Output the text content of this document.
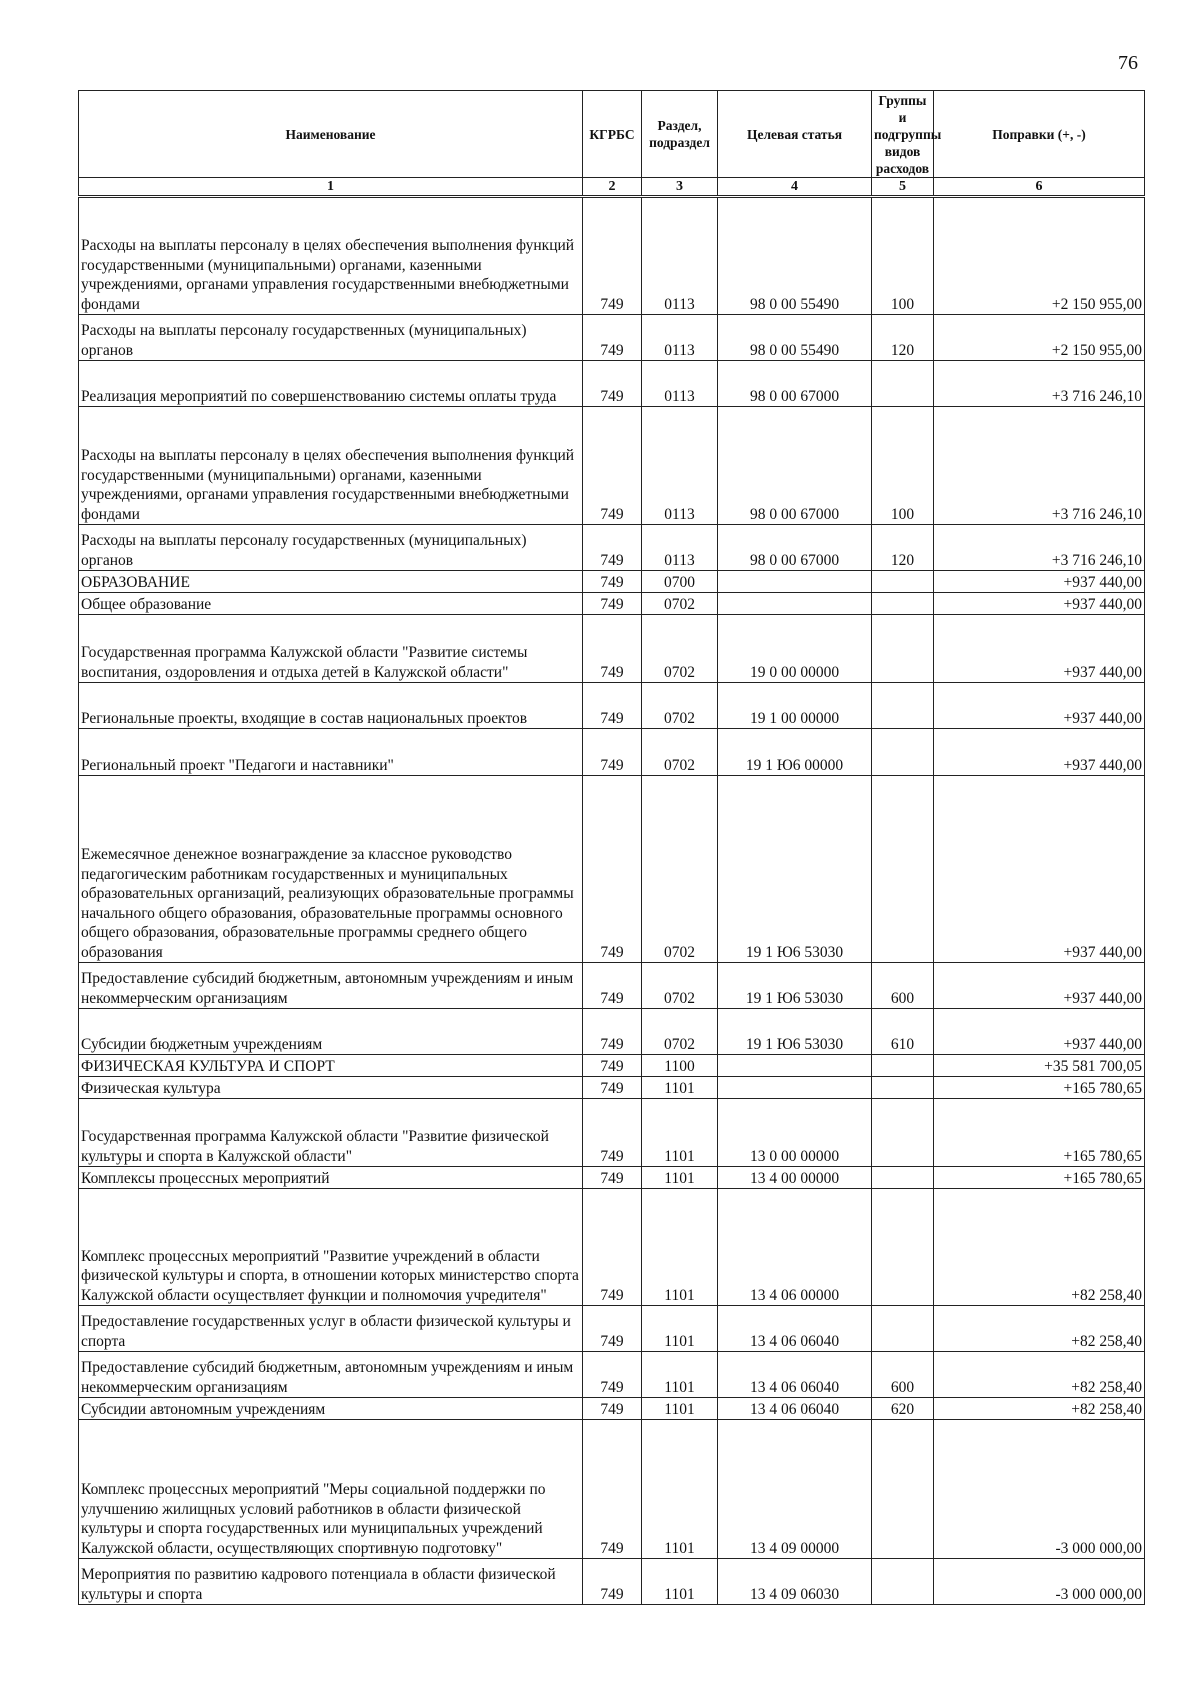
76
Наименование	КГРБС	Раздел, подраздел	Целевая статья	Группы и подгруппы видов расходов	Поправки (+, -)
1	2	3	4	5	6
Расходы на выплаты персоналу в целях обеспечения выполнения функций государственными (муниципальными) органами, казенными учреждениями, органами управления государственными внебюджетными фондами	749	0113	98 0 00 55490	100	+2 150 955,00
Расходы на выплаты персоналу государственных (муниципальных) органов	749	0113	98 0 00 55490	120	+2 150 955,00
Реализация мероприятий по совершенствованию системы оплаты труда	749	0113	98 0 00 67000		+3 716 246,10
Расходы на выплаты персоналу в целях обеспечения выполнения функций государственными (муниципальными) органами, казенными учреждениями, органами управления государственными внебюджетными фондами	749	0113	98 0 00 67000	100	+3 716 246,10
Расходы на выплаты персоналу государственных (муниципальных) органов	749	0113	98 0 00 67000	120	+3 716 246,10
ОБРАЗОВАНИЕ	749	0700			+937 440,00
Общее образование	749	0702			+937 440,00
Государственная программа Калужской области "Развитие системы воспитания, оздоровления и отдыха детей в Калужской области"	749	0702	19 0 00 00000		+937 440,00
Региональные проекты, входящие в состав национальных проектов	749	0702	19 1 00 00000		+937 440,00
Региональный проект "Педагоги и наставники"	749	0702	19 1 Ю6 00000		+937 440,00
Ежемесячное денежное вознаграждение за классное руководство педагогическим работникам государственных и муниципальных образовательных организаций, реализующих образовательные программы начального общего образования, образовательные программы основного общего образования, образовательные программы среднего общего образования	749	0702	19 1 Ю6 53030		+937 440,00
Предоставление субсидий бюджетным, автономным учреждениям и иным некоммерческим организациям	749	0702	19 1 Ю6 53030	600	+937 440,00
Субсидии бюджетным учреждениям	749	0702	19 1 Ю6 53030	610	+937 440,00
ФИЗИЧЕСКАЯ КУЛЬТУРА И СПОРТ	749	1100			+35 581 700,05
Физическая культура	749	1101			+165 780,65
Государственная программа Калужской области "Развитие физической культуры и спорта в Калужской области"	749	1101	13 0 00 00000		+165 780,65
Комплексы процессных мероприятий	749	1101	13 4 00 00000		+165 780,65
Комплекс процессных мероприятий "Развитие учреждений в области физической культуры и спорта, в отношении которых министерство спорта Калужской области осуществляет функции и полномочия учредителя"	749	1101	13 4 06 00000		+82 258,40
Предоставление государственных услуг в области физической культуры и спорта	749	1101	13 4 06 06040		+82 258,40
Предоставление субсидий бюджетным, автономным учреждениям и иным некоммерческим организациям	749	1101	13 4 06 06040	600	+82 258,40
Субсидии автономным учреждениям	749	1101	13 4 06 06040	620	+82 258,40
Комплекс процессных мероприятий "Меры социальной поддержки по улучшению жилищных условий работников в области физической культуры и спорта государственных или муниципальных учреждений Калужской области, осуществляющих спортивную подготовку"	749	1101	13 4 09 00000		-3 000 000,00
Мероприятия по развитию кадрового потенциала в области физической культуры и спорта	749	1101	13 4 09 06030		-3 000 000,00
